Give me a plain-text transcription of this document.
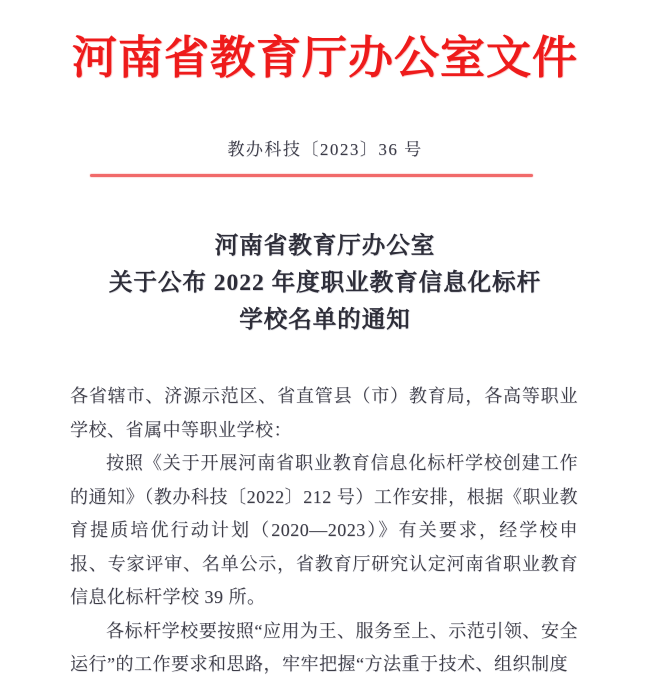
河南省教育厅办公室文件
教办科技〔2023〕36 号
河南省教育厅办公室
关于公布 2022 年度职业教育信息化标杆
学校名单的通知

各省辖市、济源示范区、省直管县（市）教育局，各高等职业学校、省属中等职业学校：

按照《关于开展河南省职业教育信息化标杆学校创建工作的通知》（教办科技〔2022〕212 号）工作安排，根据《职业教育提质培优行动计划（2020—2023）》有关要求，经学校申报、专家评审、名单公示，省教育厅研究认定河南省职业教育信息化标杆学校 39 所。

各标杆学校要按照“应用为王、服务至上、示范引领、安全运行”的工作要求和思路，牢牢把握“方法重于技术、组织制度
